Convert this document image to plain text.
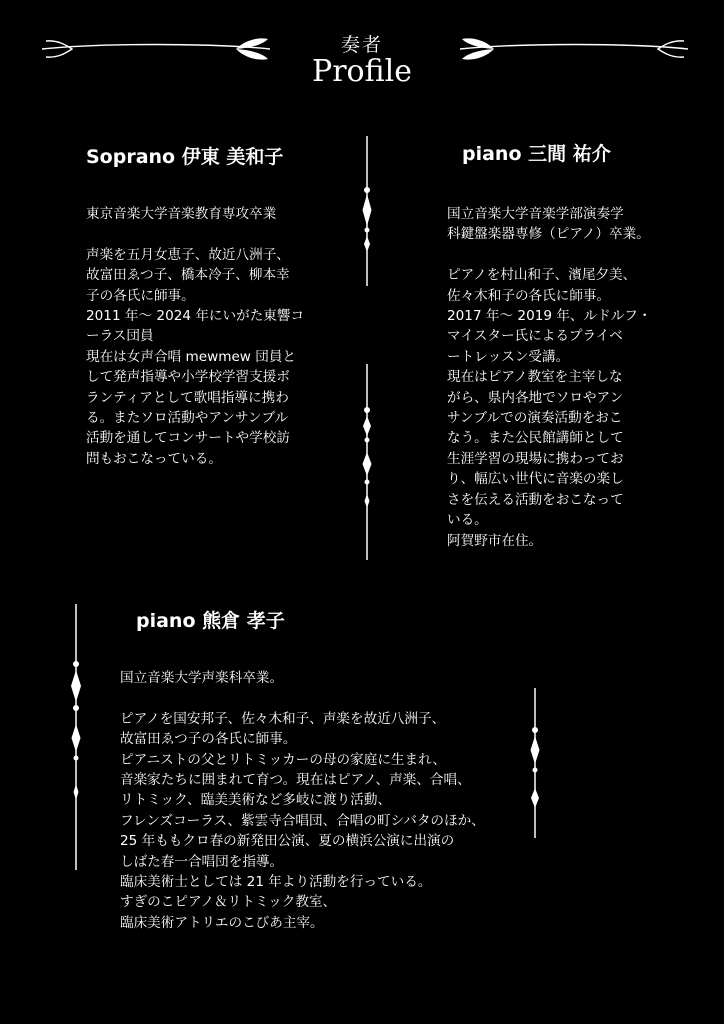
奏者
Profile
Soprano 伊東 美和子
東京音楽大学音楽教育専攻卒業

声楽を五月女恵子、故近八洲子、
故富田ゑつ子、橋本冷子、柳本幸
子の各氏に師事。
2011 年〜 2024 年にいがた東響コ
ーラス団員
現在は女声合唱 mewmew 団員と
して発声指導や小学校学習支援ボ
ランティアとして歌唱指導に携わ
る。またソロ活動やアンサンブル
活動を通してコンサートや学校訪
問もおこなっている。
piano 三間 祐介
国立音楽大学音楽学部演奏学
科鍵盤楽器専修（ピアノ）卒業。

ピアノを村山和子、濱尾夕美、
佐々木和子の各氏に師事。
2017 年〜 2019 年、ルドルフ・
マイスター氏によるプライベ
ートレッスン受講。
現在はピアノ教室を主宰しな
がら、県内各地でソロやアン
サンブルでの演奏活動をおこ
なう。また公民館講師として
生涯学習の現場に携わってお
り、幅広い世代に音楽の楽し
さを伝える活動をおこなって
いる。
阿賀野市在住。
piano 熊倉 孝子
国立音楽大学声楽科卒業。

ピアノを国安邦子、佐々木和子、声楽を故近八洲子、
故富田ゑつ子の各氏に師事。
ピアニストの父とリトミッカーの母の家庭に生まれ、
音楽家たちに囲まれて育つ。現在はピアノ、声楽、合唱、
リトミック、臨美美術など多岐に渡り活動、
フレンズコーラス、紫雲寺合唱団、合唱の町シバタのほか、
25 年ももクロ春の新発田公演、夏の横浜公演に出演の
しばた春一合唱団を指導。
臨床美術士としては 21 年より活動を行っている。
すぎのこピアノ＆リトミック教室、
臨床美術アトリエのこびあ主宰。
